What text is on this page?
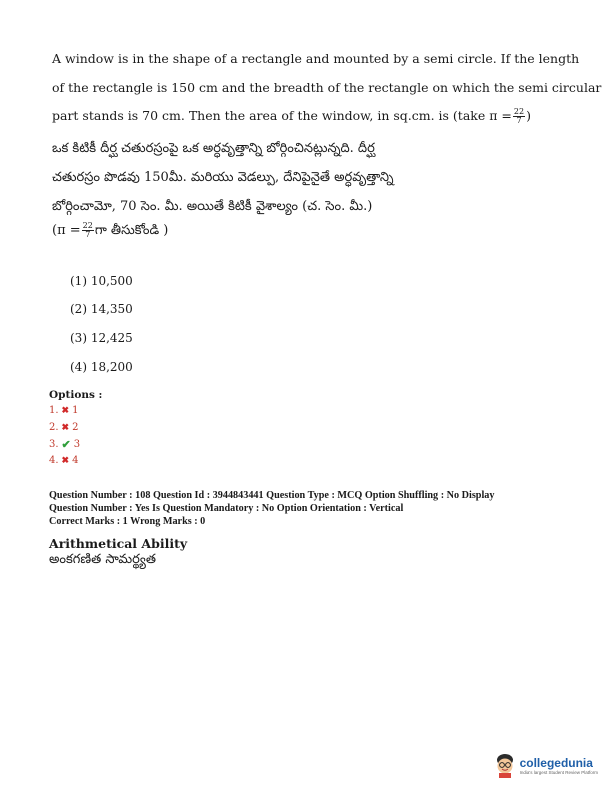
A window is in the shape of a rectangle and mounted by a semi circle. If the length
of the rectangle is 150 cm and the breadth of the rectangle on which the semi circular
part stands is 70 cm. Then the area of the window, in sq.cm. is (take $\pi = \frac{22}{7}$ )
ఒక కిటికీ దీర్ఘ చతురస్రంపై ఒక అర్ధవృత్తాన్ని బోర్గించినట్లున్నది. దీర్ఘ
చతురస్రం పొడవు 150మీ. మరియు వెడల్పు, దేనిపైనైతే అర్ధవృత్తాన్ని
బోర్గించామో, 70 సెం. మీ. అయితే కిటికీ వైశాల్యం (చ. సెం. మీ.)
($\pi = \frac{22}{7}$ గా తీసుకోండి )
(1) 10,500
(2) 14,350
(3) 12,425
(4) 18,200
Options :
1. ✖ 1
2. ✖ 2
3. ✔ 3
4. ✖ 4
Question Number : 108 Question Id : 3944843441 Question Type : MCQ Option Shuffling : No Display
Question Number : Yes Is Question Mandatory : No Option Orientation : Vertical
Correct Marks : 1 Wrong Marks : 0
Arithmetical Ability
అంకగణిత సామర్థ్యత
collegedunia
India's largest Student Review Platform
